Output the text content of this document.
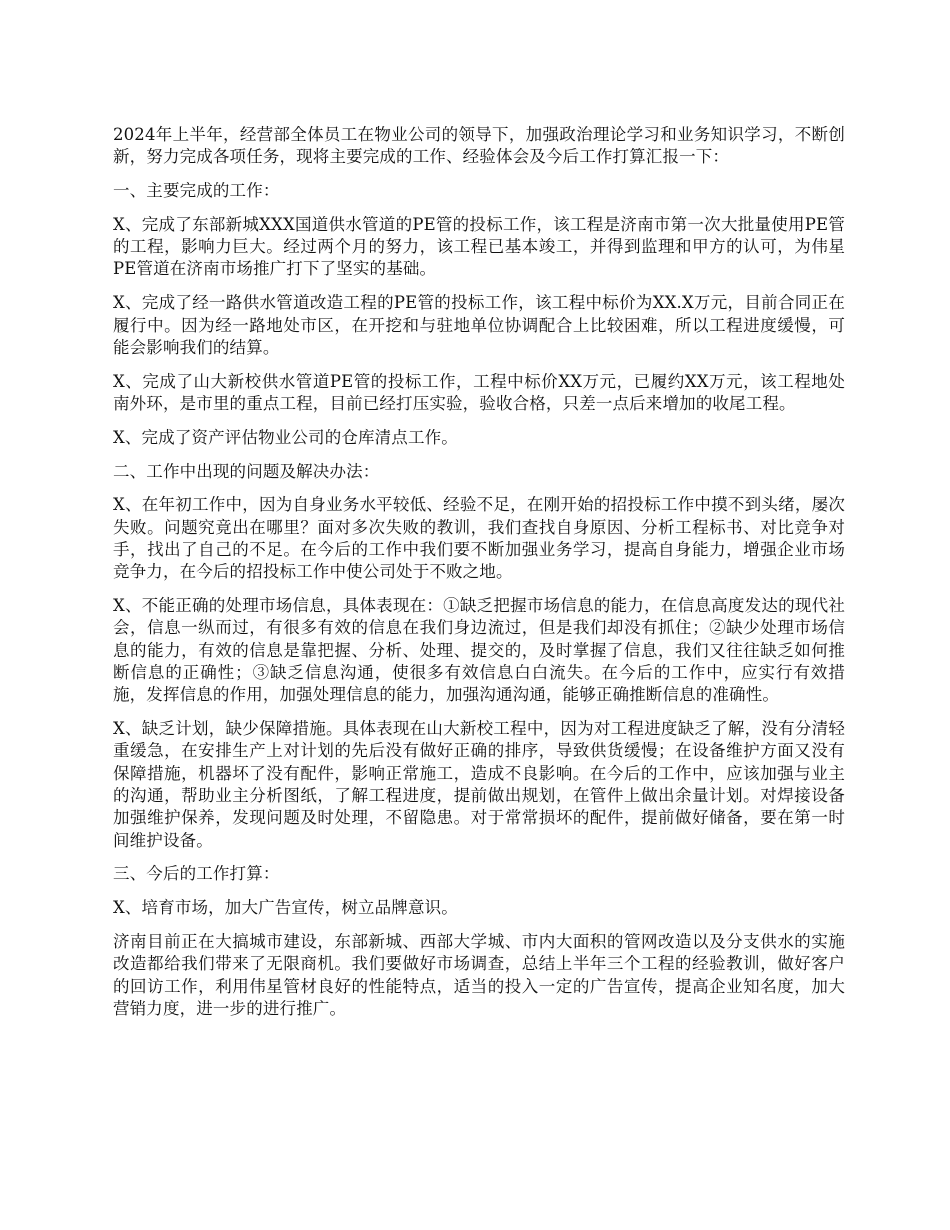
2024年上半年，经营部全体员工在物业公司的领导下，加强政治理论学习和业务知识学习，不断创新，努力完成各项任务，现将主要完成的工作、经验体会及今后工作打算汇报一下：

一、主要完成的工作：

X、完成了东部新城XXX国道供水管道的PE管的投标工作，该工程是济南市第一次大批量使用PE管的工程，影响力巨大。经过两个月的努力，该工程已基本竣工，并得到监理和甲方的认可，为伟星PE管道在济南市场推广打下了坚实的基础。

X、完成了经一路供水管道改造工程的PE管的投标工作，该工程中标价为XX.X万元，目前合同正在履行中。因为经一路地处市区，在开挖和与驻地单位协调配合上比较困难，所以工程进度缓慢，可能会影响我们的结算。

X、完成了山大新校供水管道PE管的投标工作，工程中标价XX万元，已履约XX万元，该工程地处南外环，是市里的重点工程，目前已经打压实验，验收合格，只差一点后来增加的收尾工程。

X、完成了资产评估物业公司的仓库清点工作。

二、工作中出现的问题及解决办法：

X、在年初工作中，因为自身业务水平较低、经验不足，在刚开始的招投标工作中摸不到头绪，屡次失败。问题究竟出在哪里？面对多次失败的教训，我们查找自身原因、分析工程标书、对比竞争对手，找出了自己的不足。在今后的工作中我们要不断加强业务学习，提高自身能力，增强企业市场竞争力，在今后的招投标工作中使公司处于不败之地。

X、不能正确的处理市场信息，具体表现在：①缺乏把握市场信息的能力，在信息高度发达的现代社会，信息一纵而过，有很多有效的信息在我们身边流过，但是我们却没有抓住；②缺少处理市场信息的能力，有效的信息是靠把握、分析、处理、提交的，及时掌握了信息，我们又往往缺乏如何推断信息的正确性；③缺乏信息沟通，使很多有效信息白白流失。在今后的工作中，应实行有效措施，发挥信息的作用，加强处理信息的能力，加强沟通沟通，能够正确推断信息的准确性。

X、缺乏计划，缺少保障措施。具体表现在山大新校工程中，因为对工程进度缺乏了解，没有分清轻重缓急，在安排生产上对计划的先后没有做好正确的排序，导致供货缓慢；在设备维护方面又没有保障措施，机器坏了没有配件，影响正常施工，造成不良影响。在今后的工作中，应该加强与业主的沟通，帮助业主分析图纸，了解工程进度，提前做出规划，在管件上做出余量计划。对焊接设备加强维护保养，发现问题及时处理，不留隐患。对于常常损坏的配件，提前做好储备，要在第一时间维护设备。

三、今后的工作打算：

X、培育市场，加大广告宣传，树立品牌意识。

济南目前正在大搞城市建设，东部新城、西部大学城、市内大面积的管网改造以及分支供水的实施改造都给我们带来了无限商机。我们要做好市场调查，总结上半年三个工程的经验教训，做好客户的回访工作，利用伟星管材良好的性能特点，适当的投入一定的广告宣传，提高企业知名度，加大营销力度，进一步的进行推广。
